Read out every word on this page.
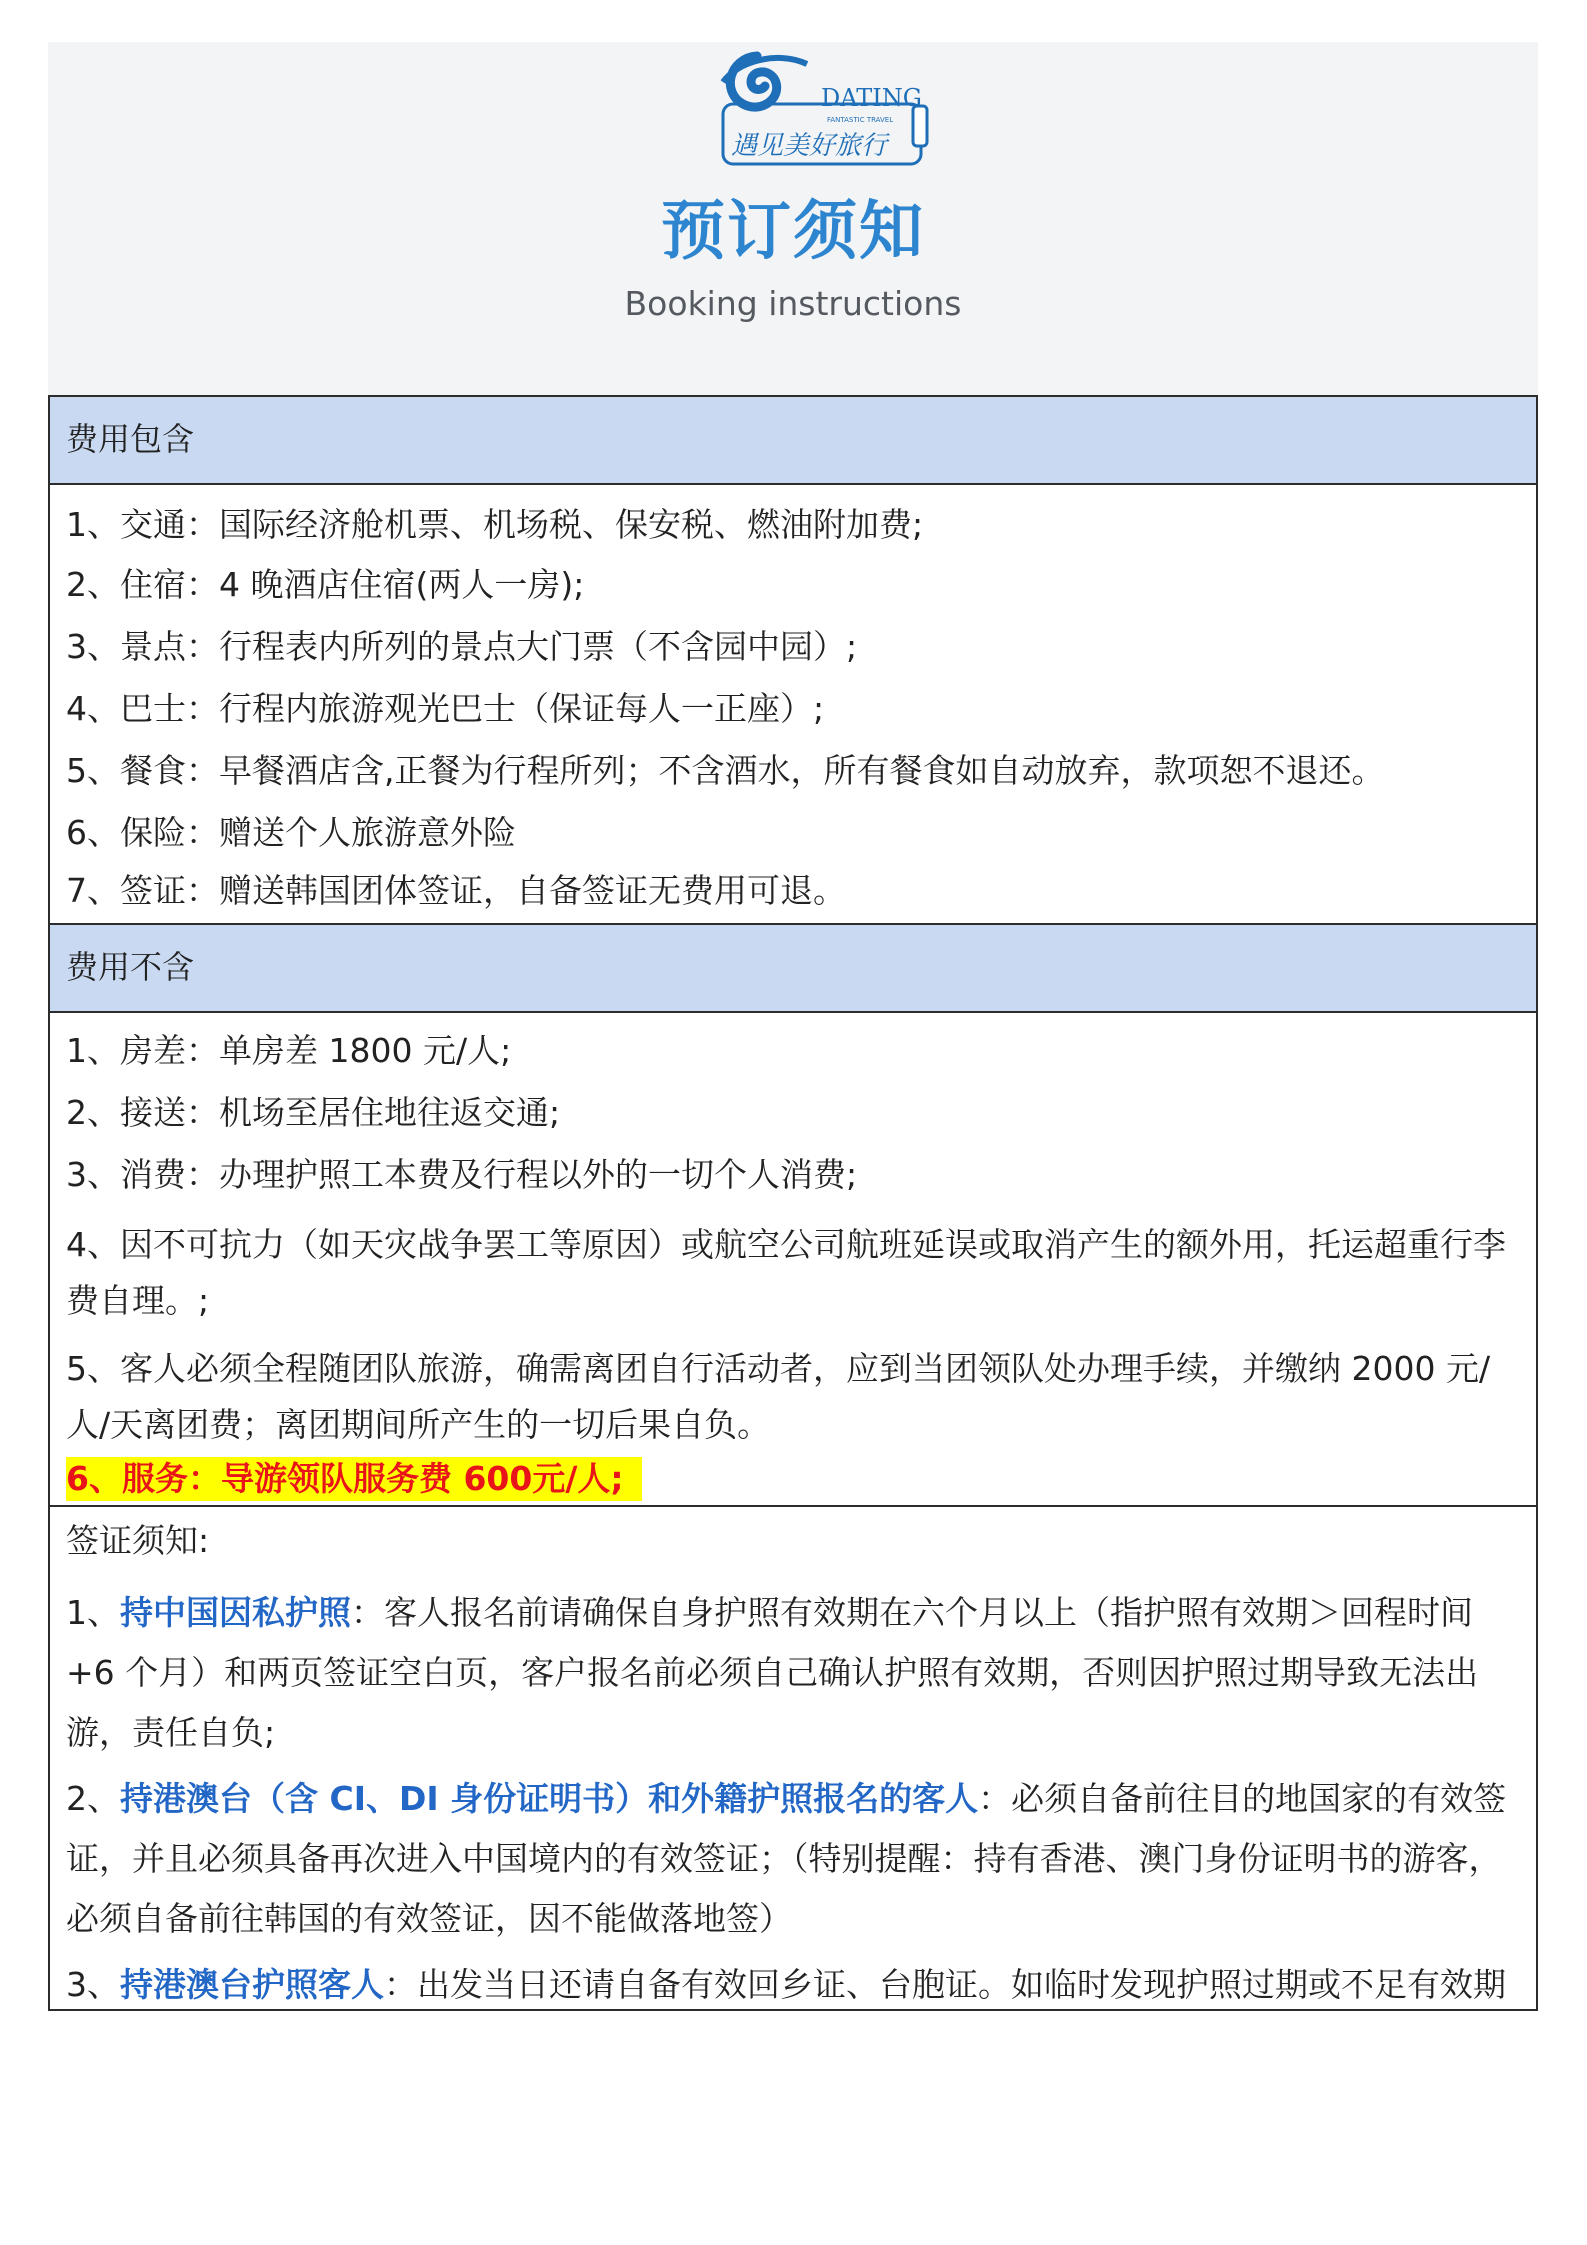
DATING
FANTASTIC TRAVEL
遇见美好旅行
预订须知
Booking instructions
费用包含

1、交通：国际经济舱机票、机场税、保安税、燃油附加费;

2、住宿：4 晚酒店住宿(两人一房);

3、景点：行程表内所列的景点大门票（不含园中园）;

4、巴士：行程内旅游观光巴士（保证每人一正座）;

5、餐食：早餐酒店含,正餐为行程所列；不含酒水，所有餐食如自动放弃，款项恕不退还。

6、保险：赠送个人旅游意外险

7、签证：赠送韩国团体签证，自备签证无费用可退。

费用不含

1、房差：单房差 1800 元/人;

2、接送：机场至居住地往返交通;

3、消费：办理护照工本费及行程以外的一切个人消费;

4、因不可抗力（如天灾战争罢工等原因）或航空公司航班延误或取消产生的额外用，托运超重行李费自理。;

5、客人必须全程随团队旅游，确需离团自行活动者，应到当团领队处办理手续，并缴纳 2000 元/人/天离团费；离团期间所产生的一切后果自负。

6、服务：导游领队服务费 600元/人;

签证须知:

1、持中国因私护照：客人报名前请确保自身护照有效期在六个月以上（指护照有效期＞回程时间+6 个月）和两页签证空白页，客户报名前必须自己确认护照有效期，否则因护照过期导致无法出游，责任自负;

2、持港澳台（含 CI、DI 身份证明书）和外籍护照报名的客人：必须自备前往目的地国家的有效签证，并且必须具备再次进入中国境内的有效签证；（特别提醒：持有香港、澳门身份证明书的游客，必须自备前往韩国的有效签证，因不能做落地签）

3、持港澳台护照客人：出发当日还请自备有效回乡证、台胞证。如临时发现护照过期或不足有效期
